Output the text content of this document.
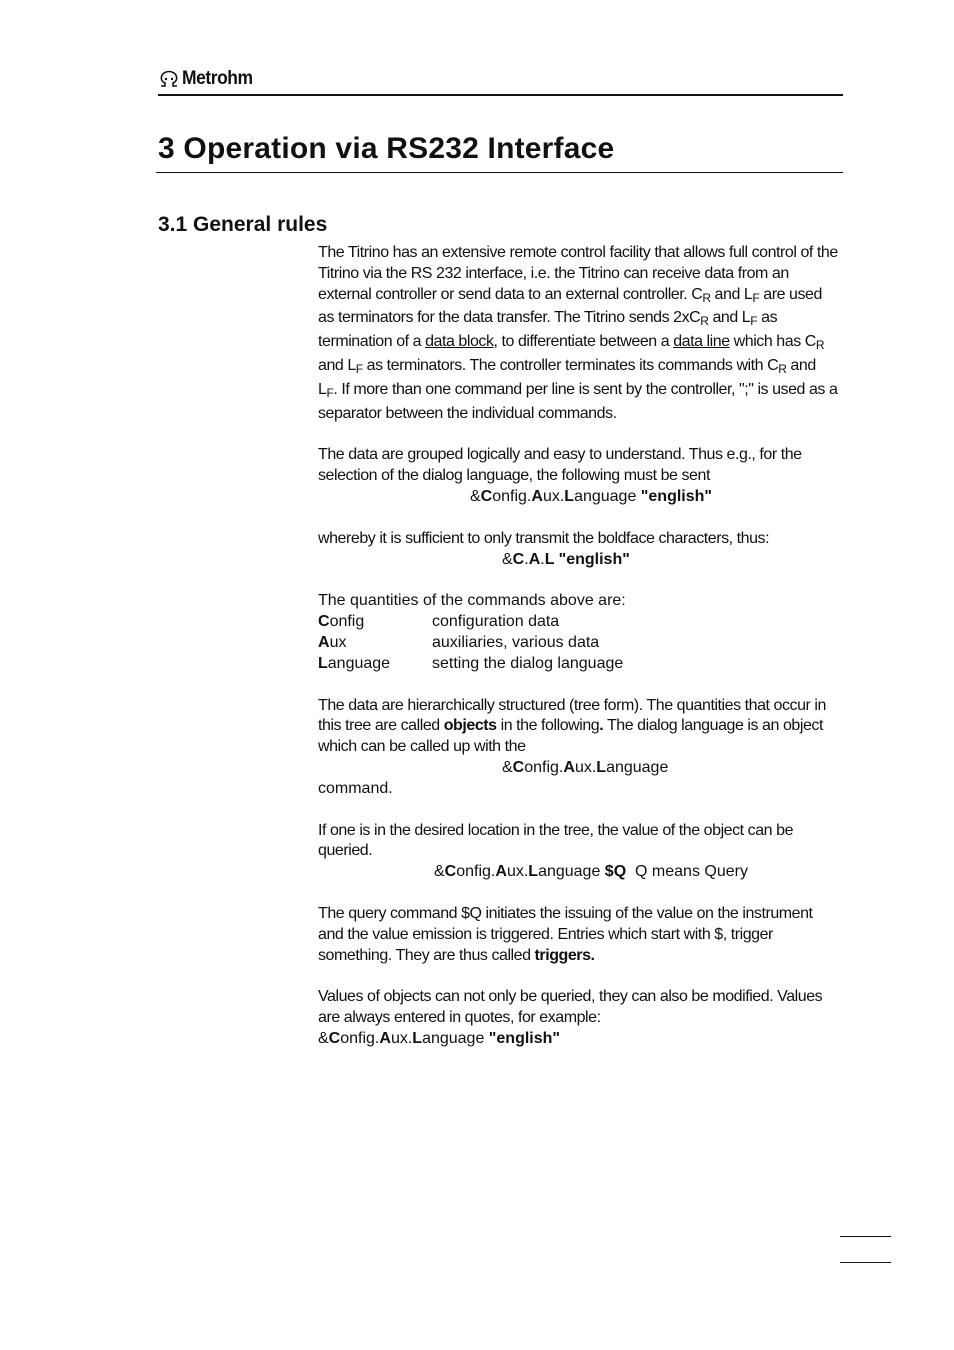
Metrohm
3 Operation via RS232 Interface
3.1 General rules

The Titrino has an extensive remote control facility that allows full control of the Titrino via the RS 232 interface, i.e. the Titrino can receive data from an external controller or send data to an external controller. $C_R$ and $L_F$ are used as terminators for the data transfer. The Titrino sends $2xC_R$ and $L_F$ as termination of a data block, to differentiate between a data line which has $C_R$ and $L_F$ as terminators. The controller terminates its commands with $C_R$ and $L_F$. If more than one command per line is sent by the controller, ";" is used as a separator between the individual commands.

The data are grouped logically and easy to understand. Thus e.g., for the selection of the dialog language, the following must be sent

&Config.Aux.Language "english"

whereby it is sufficient to only transmit the boldface characters, thus:

&C.A.L "english"

The quantities of the commands above are:

Config	configuration data
Aux	auxiliaries, various data
Language	setting the dialog language

The data are hierarchically structured (tree form). The quantities that occur in this tree are called objects in the following. The dialog language is an object which can be called up with the

&Config.Aux.Language

command.

If one is in the desired location in the tree, the value of the object can be queried.

&Config.Aux.Language $Q  Q means Query

The query command $Q initiates the issuing of the value on the instrument and the value emission is triggered. Entries which start with $, trigger something. They are thus called triggers.

Values of objects can not only be queried, they can also be modified. Values are always entered in quotes, for example:

&Config.Aux.Language "english"
